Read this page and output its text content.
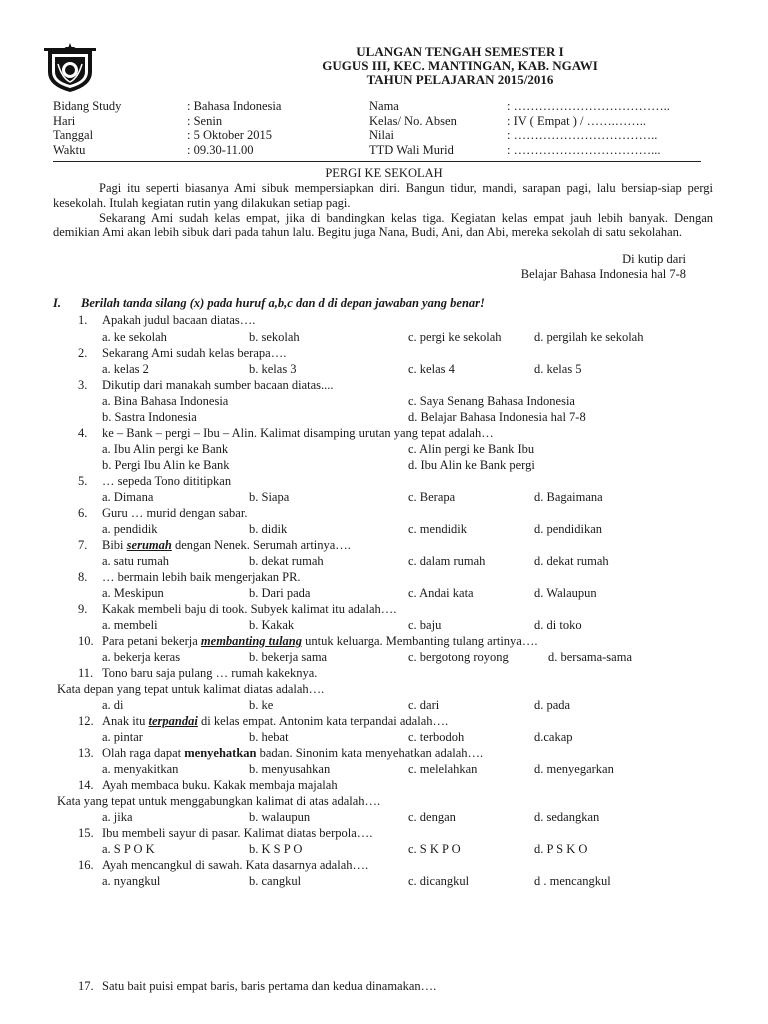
ULANGAN TENGAH SEMESTER I
GUGUS III, KEC. MANTINGAN, KAB. NGAWI
TAHUN PELAJARAN 2015/2016
Bidang Study	: Bahasa Indonesia	Nama	: ………………………………..
Hari	: Senin	Kelas/ No. Absen	: IV ( Empat ) / …….……..
Tanggal	: 5 Oktober 2015	Nilai	: ……………………………..
Waktu	: 09.30-11.00	TTD Wali Murid	: ……………………………...
PERGI KE SEKOLAH

Pagi itu seperti biasanya Ami sibuk mempersiapkan diri. Bangun tidur, mandi, sarapan pagi, lalu bersiap-siap pergi kesekolah. Itulah kegiatan rutin yang dilakukan setiap pagi.

Sekarang Ami sudah kelas empat, jika di bandingkan kelas tiga. Kegiatan kelas empat jauh lebih banyak. Dengan demikian Ami akan lebih sibuk dari pada tahun lalu. Begitu juga Nana, Budi, Ani, dan Abi, mereka sekolah di satu sekolahan.

Di kutip dari
Belajar Bahasa Indonesia hal 7-8
I. Berilah tanda silang (x) pada huruf a,b,c dan d di depan jawaban yang benar!
1.	Apakah judul bacaan diatas….
a. ke sekolah	b. sekolah	c. pergi ke sekolah	d. pergilah ke sekolah
2.	Sekarang Ami sudah kelas berapa….
a. kelas 2	b. kelas 3	c. kelas 4	d. kelas 5
3.	Dikutip dari manakah sumber bacaan diatas....
a. Bina Bahasa Indonesia	c. Saya Senang Bahasa Indonesia
b. Sastra Indonesia	d. Belajar Bahasa Indonesia hal 7-8
4.	ke – Bank – pergi – Ibu – Alin. Kalimat disamping urutan yang tepat adalah…
a. Ibu Alin pergi ke Bank	c. Alin pergi ke Bank Ibu
b. Pergi Ibu Alin ke Bank	d. Ibu Alin ke Bank pergi
5.	… sepeda Tono dititipkan
a. Dimana	b. Siapa	c. Berapa	d. Bagaimana
6.	Guru … murid dengan sabar.
a. pendidik	b. didik	c. mendidik	d. pendidikan
7.	Bibi serumah dengan Nenek. Serumah artinya….
a. satu rumah	b. dekat rumah	c. dalam rumah	d. dekat rumah
8.	… bermain lebih baik mengerjakan PR.
a. Meskipun	b. Dari pada	c. Andai kata	d. Walaupun
9.	Kakak membeli baju di took. Subyek kalimat itu adalah….
a. membeli	b. Kakak	c. baju	d. di toko
10. Para petani bekerja membanting tulang untuk keluarga. Membanting tulang artinya….
a. bekerja keras	b. bekerja sama	c. bergotong royong	d. bersama-sama
11. Tono baru saja pulang … rumah kakeknya.
Kata depan yang tepat untuk kalimat diatas adalah….
a. di	b. ke	c. dari	d. pada
12. Anak itu terpandai di kelas empat. Antonim kata terpandai adalah….
a. pintar	b. hebat	c. terbodoh	d.cakap
13. Olah raga dapat menyehatkan badan. Sinonim kata menyehatkan adalah….
a. menyakitkan	b. menyusahkan	c. melelahkan	d. menyegarkan
14. Ayah membaca buku. Kakak membaja majalah
Kata yang tepat untuk menggabungkan kalimat di atas adalah….
a. jika	b. walaupun	c. dengan	d. sedangkan
15. Ibu membeli sayur di pasar. Kalimat diatas berpola….
a. S P O K	b. K S P O	c. S K P O	d. P S K O
16. Ayah mencangkul di sawah. Kata dasarnya adalah….
a. nyangkul	b. cangkul	c. dicangkul	d . mencangkul
17. Satu bait puisi empat baris, baris pertama dan kedua dinamakan….
